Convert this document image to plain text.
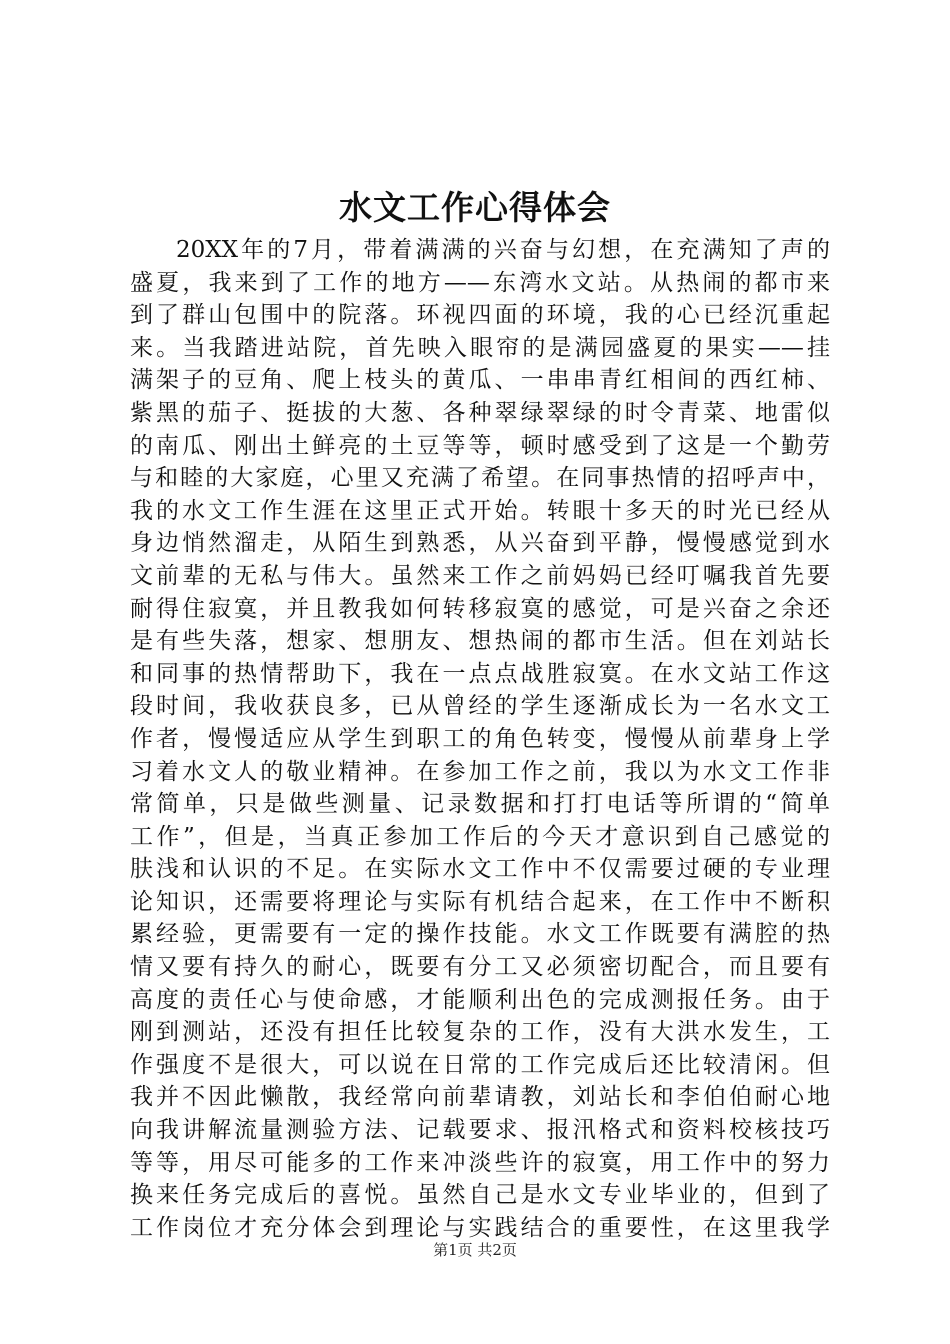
水文工作心得体会
20XX年的7月，带着满满的兴奋与幻想，在充满知了声的
盛夏，我来到了工作的地方——东湾水文站。从热闹的都市来
到了群山包围中的院落。环视四面的环境，我的心已经沉重起
来。当我踏进站院，首先映入眼帘的是满园盛夏的果实——挂
满架子的豆角、爬上枝头的黄瓜、一串串青红相间的西红柿、
紫黑的茄子、挺拔的大葱、各种翠绿翠绿的时令青菜、地雷似
的南瓜、刚出土鲜亮的土豆等等，顿时感受到了这是一个勤劳
与和睦的大家庭，心里又充满了希望。在同事热情的招呼声中，
我的水文工作生涯在这里正式开始。转眼十多天的时光已经从
身边悄然溜走，从陌生到熟悉，从兴奋到平静，慢慢感觉到水
文前辈的无私与伟大。虽然来工作之前妈妈已经叮嘱我首先要
耐得住寂寞，并且教我如何转移寂寞的感觉，可是兴奋之余还
是有些失落，想家、想朋友、想热闹的都市生活。但在刘站长
和同事的热情帮助下，我在一点点战胜寂寞。在水文站工作这
段时间，我收获良多，已从曾经的学生逐渐成长为一名水文工
作者，慢慢适应从学生到职工的角色转变，慢慢从前辈身上学
习着水文人的敬业精神。在参加工作之前，我以为水文工作非
常简单，只是做些测量、记录数据和打打电话等所谓的“简单
工作”，但是，当真正参加工作后的今天才意识到自己感觉的
肤浅和认识的不足。在实际水文工作中不仅需要过硬的专业理
论知识，还需要将理论与实际有机结合起来，在工作中不断积
累经验，更需要有一定的操作技能。水文工作既要有满腔的热
情又要有持久的耐心，既要有分工又必须密切配合，而且要有
高度的责任心与使命感，才能顺利出色的完成测报任务。由于
刚到测站，还没有担任比较复杂的工作，没有大洪水发生，工
作强度不是很大，可以说在日常的工作完成后还比较清闲。但
我并不因此懒散，我经常向前辈请教，刘站长和李伯伯耐心地
向我讲解流量测验方法、记载要求、报汛格式和资料校核技巧
等等，用尽可能多的工作来冲淡些许的寂寞，用工作中的努力
换来任务完成后的喜悦。虽然自己是水文专业毕业的，但到了
工作岗位才充分体会到理论与实践结合的重要性，在这里我学
第1页 共2页
